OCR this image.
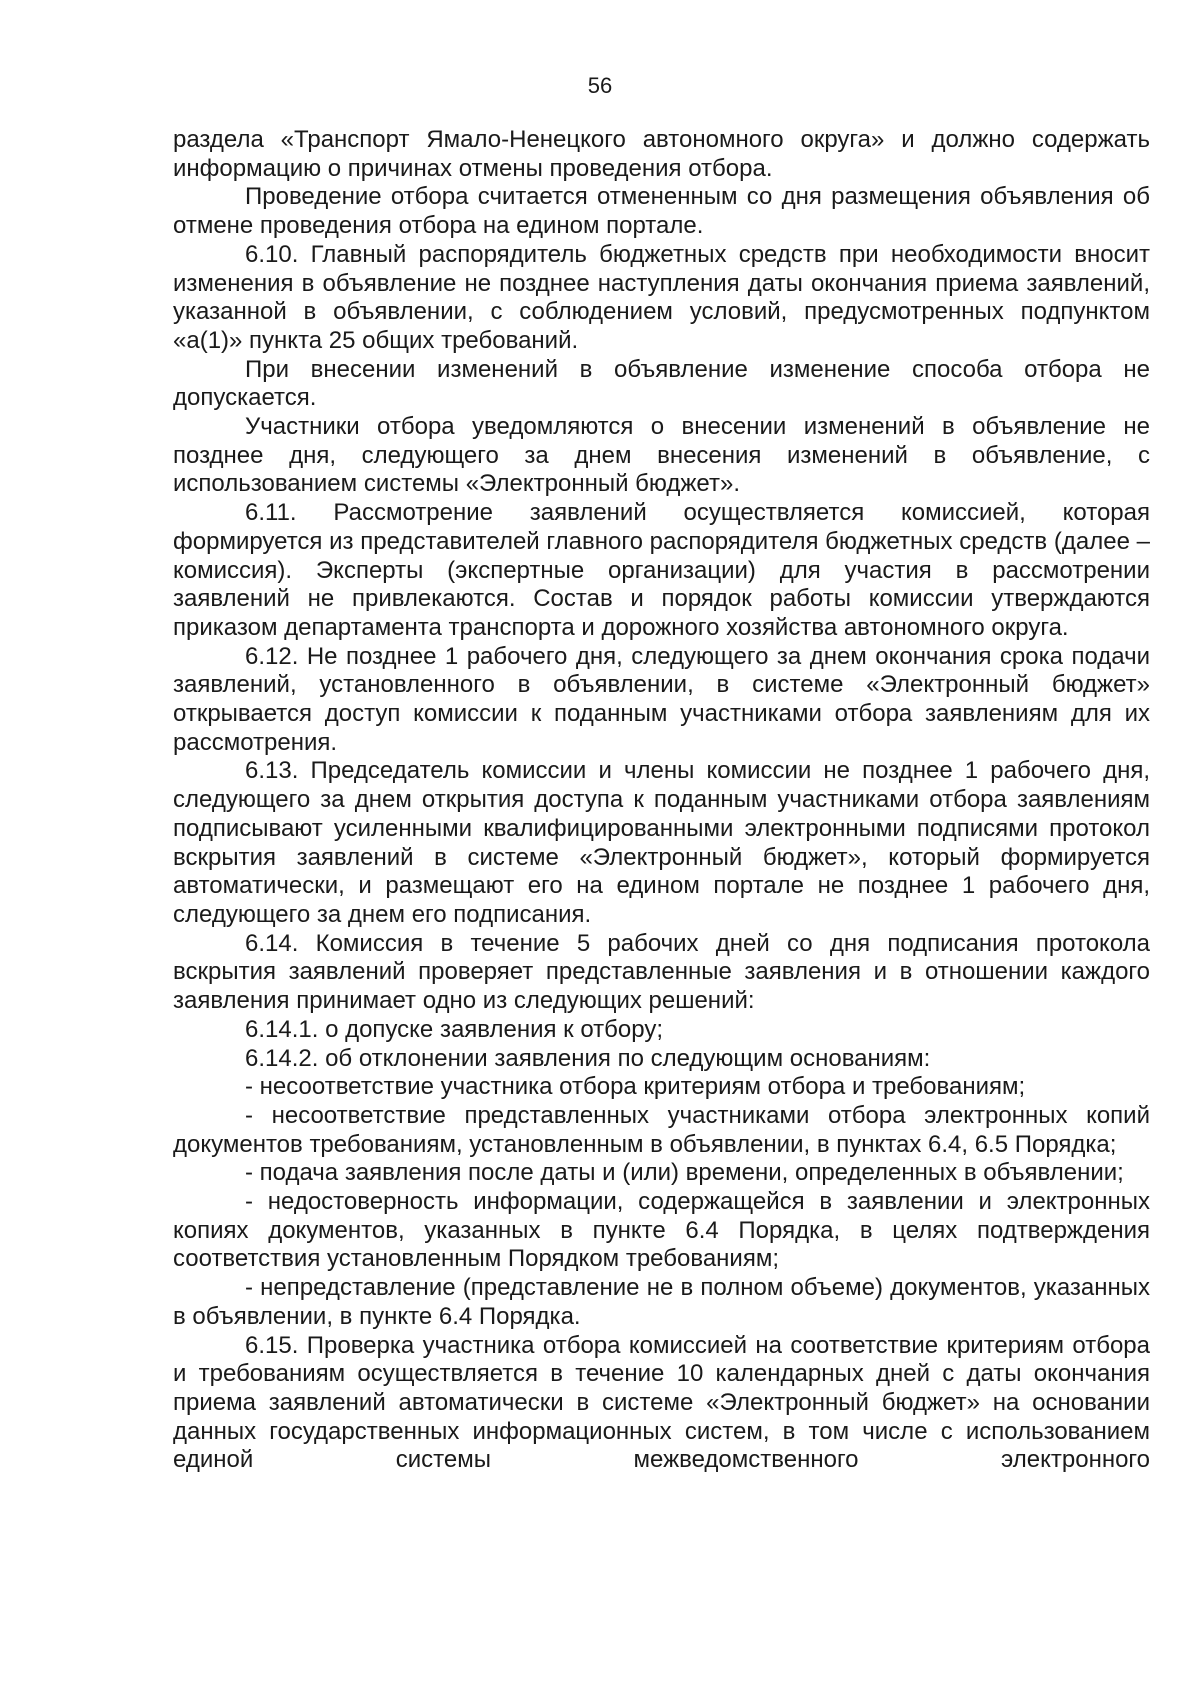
56

раздела «Транспорт Ямало-Ненецкого автономного округа» и должно содержать информацию о причинах отмены проведения отбора.

Проведение отбора считается отмененным со дня размещения объявления об отмене проведения отбора на едином портале.

6.10. Главный распорядитель бюджетных средств при необходимости вносит изменения в объявление не позднее наступления даты окончания приема заявлений, указанной в объявлении, с соблюдением условий, предусмотренных подпунктом «а(1)» пункта 25 общих требований.

При внесении изменений в объявление изменение способа отбора не допускается.

Участники отбора уведомляются о внесении изменений в объявление не позднее дня, следующего за днем внесения изменений в объявление, с использованием системы «Электронный бюджет».

6.11. Рассмотрение заявлений осуществляется комиссией, которая формируется из представителей главного распорядителя бюджетных средств (далее – комиссия). Эксперты (экспертные организации) для участия в рассмотрении заявлений не привлекаются. Состав и порядок работы комиссии утверждаются приказом департамента транспорта и дорожного хозяйства автономного округа.

6.12. Не позднее 1 рабочего дня, следующего за днем окончания срока подачи заявлений, установленного в объявлении, в системе «Электронный бюджет» открывается доступ комиссии к поданным участниками отбора заявлениям для их рассмотрения.

6.13. Председатель комиссии и члены комиссии не позднее 1 рабочего дня, следующего за днем открытия доступа к поданным участниками отбора заявлениям подписывают усиленными квалифицированными электронными подписями протокол вскрытия заявлений в системе «Электронный бюджет», который формируется автоматически, и размещают его на едином портале не позднее 1 рабочего дня, следующего за днем его подписания.

6.14. Комиссия в течение 5 рабочих дней со дня подписания протокола вскрытия заявлений проверяет представленные заявления и в отношении каждого заявления принимает одно из следующих решений:

6.14.1. о допуске заявления к отбору;

6.14.2. об отклонении заявления по следующим основаниям:

- несоответствие участника отбора критериям отбора и требованиям;

- несоответствие представленных участниками отбора электронных копий документов требованиям, установленным в объявлении, в пунктах 6.4, 6.5 Порядка;

- подача заявления после даты и (или) времени, определенных в объявлении;

- недостоверность информации, содержащейся в заявлении и электронных копиях документов, указанных в пункте 6.4 Порядка, в целях подтверждения соответствия установленным Порядком требованиям;

- непредставление (представление не в полном объеме) документов, указанных в объявлении, в пункте 6.4 Порядка.

6.15. Проверка участника отбора комиссией на соответствие критериям отбора и требованиям осуществляется в течение 10 календарных дней с даты окончания приема заявлений автоматически в системе «Электронный бюджет» на основании данных государственных информационных систем, в том числе с использованием единой системы межведомственного электронного
